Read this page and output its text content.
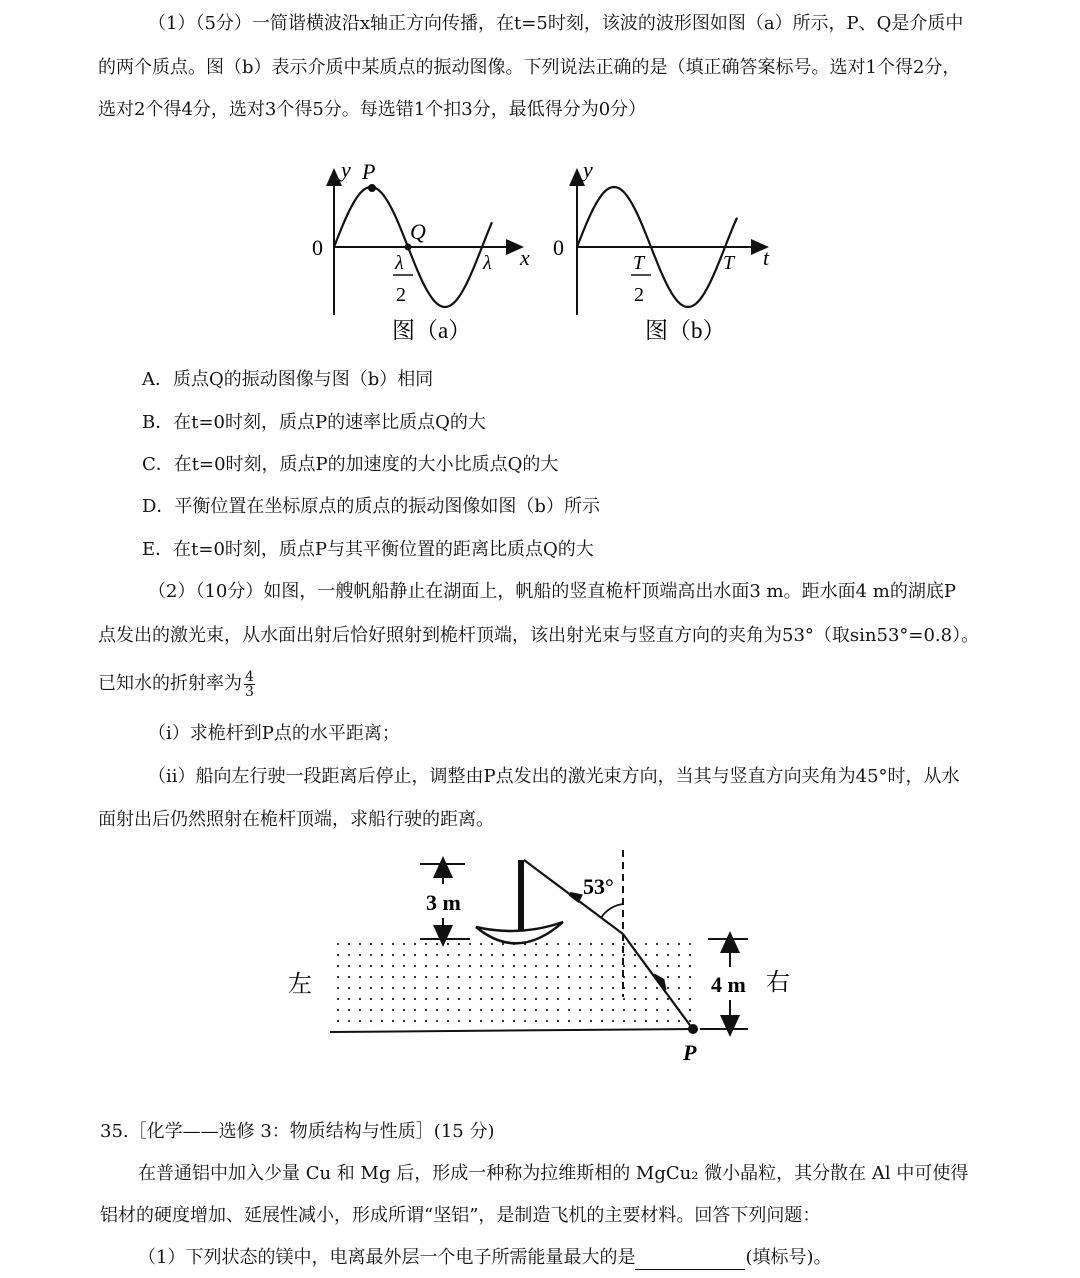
（1）（5分）一简谐横波沿x轴正方向传播，在t=5时刻，该波的波形图如图（a）所示，P、Q是介质中
的两个质点。图（b）表示介质中某质点的振动图像。下列说法正确的是（填正确答案标号。选对1个得2分，
选对2个得4分，选对3个得5分。每选错1个扣3分，最低得分为0分）
y P
Q
0
λ
2
λ x
图（a）
y
0
T
2
T t
图（b）
A．质点Q的振动图像与图（b）相同
B．在t=0时刻，质点P的速率比质点Q的大
C．在t=0时刻，质点P的加速度的大小比质点Q的大
D．平衡位置在坐标原点的质点的振动图像如图（b）所示
E．在t=0时刻，质点P与其平衡位置的距离比质点Q的大
（2）（10分）如图，一艘帆船静止在湖面上，帆船的竖直桅杆顶端高出水面3 m。距水面4 m的湖底P
点发出的激光束，从水面出射后恰好照射到桅杆顶端，该出射光束与竖直方向的夹角为53°（取sin53°=0.8）。
已知水的折射率为 $\frac{4}{3}$
（i）求桅杆到P点的水平距离；
（ii）船向左行驶一段距离后停止，调整由P点发出的激光束方向，当其与竖直方向夹角为45°时，从水
面射出后仍然照射在桅杆顶端，求船行驶的距离。
3 m
53°
4 m
左	右
P
35.［化学——选修 3：物质结构与性质］(15 分)
在普通铝中加入少量 Cu 和 Mg 后，形成一种称为拉维斯相的 MgCu₂ 微小晶粒，其分散在 Al 中可使得
铝材的硬度增加、延展性减小，形成所谓“坚铝”，是制造飞机的主要材料。回答下列问题：
（1）下列状态的镁中，电离最外层一个电子所需能量最大的是	(填标号)。
